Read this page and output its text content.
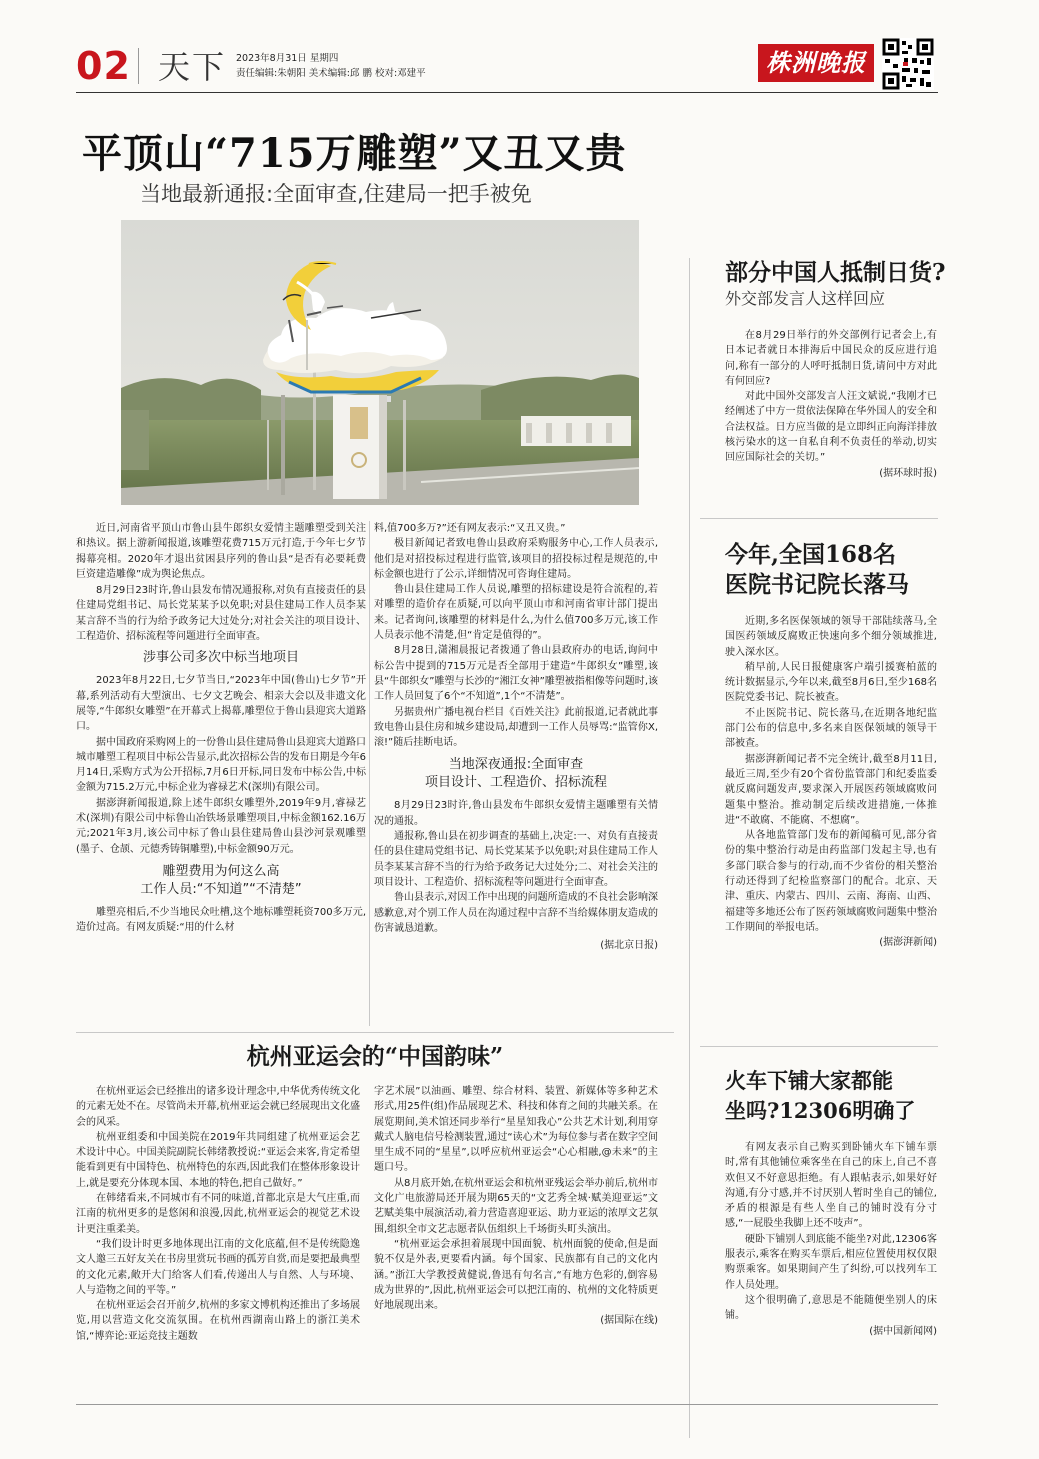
02 天下 2023年8月31日 星期四
责任编辑:朱朝阳 美术编辑:邱 鹏 校对:邓建平	株洲晚报
平顶山“715万雕塑”又丑又贵
当地最新通报:全面审查,住建局一把手被免

近日,河南省平顶山市鲁山县牛郎织女爱情主题雕塑受到关注和热议。据上游新闻报道,该雕塑花费715万元打造,于今年七夕节揭幕亮相。2020年才退出贫困县序列的鲁山县“是否有必要耗费巨资建造雕像”成为舆论焦点。

8月29日23时许,鲁山县发布情况通报称,对负有直接责任的县住建局党组书记、局长党某某予以免职;对县住建局工作人员李某某言辞不当的行为给予政务记大过处分;对社会关注的项目设计、工程造价、招标流程等问题进行全面审查。

涉事公司多次中标当地项目

2023年8月22日,七夕节当日,“2023年中国(鲁山)七夕节”开幕,系列活动有大型演出、七夕文艺晚会、相亲大会以及非遗文化展等,“牛郎织女雕塑”在开幕式上揭幕,雕塑位于鲁山县迎宾大道路口。

据中国政府采购网上的一份鲁山县住建局鲁山县迎宾大道路口城市雕塑工程项目中标公告显示,此次招标公告的发布日期是今年6月14日,采购方式为公开招标,7月6日开标,同日发布中标公告,中标金额为715.2万元,中标企业为睿禄艺术(深圳)有限公司。

据澎湃新闻报道,除上述牛郎织女雕塑外,2019年9月,睿禄艺术(深圳)有限公司中标鲁山冶铁场景雕塑项目,中标金额162.16万元;2021年3月,该公司中标了鲁山县住建局鲁山县沙河景观雕塑(墨子、仓颉、元德秀铸铜雕塑),中标金额90万元。

雕塑费用为何这么高
工作人员:“不知道”“不清楚”

雕塑亮相后,不少当地民众吐槽,这个地标雕塑耗资700多万元,造价过高。有网友质疑:“用的什么材

料,值700多万?”还有网友表示:“又丑又贵。”

极目新闻记者致电鲁山县政府采购服务中心,工作人员表示,他们是对招投标过程进行监管,该项目的招投标过程是规范的,中标金额也进行了公示,详细情况可咨询住建局。

鲁山县住建局工作人员说,雕塑的招标建设是符合流程的,若对雕塑的造价存在质疑,可以向平顶山市和河南省审计部门提出来。记者询问,该雕塑的材料是什么,为什么值700多万元,该工作人员表示他不清楚,但“肯定是值得的”。

8月28日,潇湘晨报记者拨通了鲁山县政府办的电话,询问中标公告中提到的715万元是否全部用于建造“牛郎织女”雕塑,该县“牛郎织女”雕塑与长沙的“湘江女神”雕塑被指相像等问题时,该工作人员回复了6个“不知道”,1个“不清楚”。

另据贵州广播电视台栏目《百姓关注》此前报道,记者就此事致电鲁山县住房和城乡建设局,却遭到一工作人员辱骂:“监管你X,滚!”随后挂断电话。

当地深夜通报:全面审查
项目设计、工程造价、招标流程

8月29日23时许,鲁山县发布牛郎织女爱情主题雕塑有关情况的通报。

通报称,鲁山县在初步调查的基础上,决定:一、对负有直接责任的县住建局党组书记、局长党某某予以免职;对县住建局工作人员李某某言辞不当的行为给予政务记大过处分;二、对社会关注的项目设计、工程造价、招标流程等问题进行全面审查。

鲁山县表示,对因工作中出现的问题所造成的不良社会影响深感歉意,对个别工作人员在沟通过程中言辞不当给媒体朋友造成的伤害诚恳道歉。

(据北京日报)

部分中国人抵制日货?
外交部发言人这样回应

在8月29日举行的外交部例行记者会上,有日本记者就日本排海后中国民众的反应进行追问,称有一部分的人呼吁抵制日货,请问中方对此有何回应?

对此中国外交部发言人汪文斌说,“我刚才已经阐述了中方一贯依法保障在华外国人的安全和合法权益。日方应当做的是立即纠正向海洋排放核污染水的这一自私自利不负责任的举动,切实回应国际社会的关切。”

(据环球时报)

今年,全国168名
医院书记院长落马

近期,多名医保领域的领导干部陆续落马,全国医药领域反腐败正快速向多个细分领域推进,驶入深水区。

稍早前,人民日报健康客户端引援赛柏蓝的统计数据显示,今年以来,截至8月6日,至少168名医院党委书记、院长被查。

不止医院书记、院长落马,在近期各地纪监部门公布的信息中,多名来自医保领域的领导干部被查。

据澎湃新闻记者不完全统计,截至8月11日,最近三周,至少有20个省份监管部门和纪委监委就反腐问题发声,要求深入开展医药领域腐败问题集中整治。推动制定后续改进措施,一体推进“不敢腐、不能腐、不想腐”。

从各地监管部门发布的新闻稿可见,部分省份的集中整治行动是由药监部门发起主导,也有多部门联合参与的行动,而不少省份的相关整治行动还得到了纪检监察部门的配合。北京、天津、重庆、内蒙古、四川、云南、海南、山西、福建等多地还公布了医药领域腐败问题集中整治工作期间的举报电话。

(据澎湃新闻)

火车下铺大家都能
坐吗?12306明确了

有网友表示自己购买到卧铺火车下铺车票时,常有其他铺位乘客坐在自己的床上,自己不喜欢但又不好意思拒绝。有人跟帖表示,如果好好沟通,有分寸感,并不讨厌别人暂时坐自己的铺位,矛盾的根源是有些人坐自己的铺时没有分寸感,“一屁股坐我脚上还不吱声”。

硬卧下铺别人到底能不能坐?对此,12306客服表示,乘客在购买车票后,相应位置使用权仅限购票乘客。如果期间产生了纠纷,可以找列车工作人员处理。

这个很明确了,意思是不能随便坐别人的床铺。

(据中国新闻网)

杭州亚运会的“中国韵味”

在杭州亚运会已经推出的诸多设计理念中,中华优秀传统文化的元素无处不在。尽管尚未开幕,杭州亚运会就已经展现出文化盛会的风采。

杭州亚组委和中国美院在2019年共同组建了杭州亚运会艺术设计中心。中国美院副院长韩绪教授说:“亚运会来客,肯定希望能看到更有中国特色、杭州特色的东西,因此我们在整体形象设计上,就是要充分体现本国、本地的特色,把自己做好。”

在韩绪看来,不同城市有不同的味道,首都北京是大气庄重,而江南的杭州更多的是悠闲和浪漫,因此,杭州亚运会的视觉艺术设计更注重柔美。

“我们设计时更多地体现出江南的文化底蕴,但不是传统隐逸文人邀三五好友关在书房里赏玩书画的孤芳自赏,而是要把最典型的文化元素,敞开大门给客人们看,传递出人与自然、人与环境、人与造物之间的平等。”

在杭州亚运会召开前夕,杭州的多家文博机构还推出了多场展览,用以营造文化交流氛围。在杭州西湖南山路上的浙江美术馆,“博弈论:亚运竞技主题数

字艺术展”以油画、雕塑、综合材料、装置、新媒体等多种艺术形式,用25件(组)作品展现艺术、科技和体育之间的共融关系。在展览期间,美术馆还同步举行“星星知我心”公共艺术计划,利用穿戴式人脑电信号检测装置,通过“读心术”为每位参与者在数字空间里生成不同的“星星”,以呼应杭州亚运会“心心相融,@未来”的主题口号。

从8月底开始,在杭州亚运会和杭州亚残运会举办前后,杭州市文化广电旅游局还开展为期65天的“文艺秀全城·赋美迎亚运”文艺赋美集中展演活动,着力营造喜迎亚运、助力亚运的浓厚文艺氛围,组织全市文艺志愿者队伍组织上千场街头町头演出。

“杭州亚运会承担着展现中国面貌、杭州面貌的使命,但是面貌不仅是外表,更要看内涵。每个国家、民族都有自己的文化内涵。”浙江大学教授黄健说,鲁迅有句名言,“有地方色彩的,倒容易成为世界的”,因此,杭州亚运会可以把江南的、杭州的文化特质更好地展现出来。

(据国际在线)
